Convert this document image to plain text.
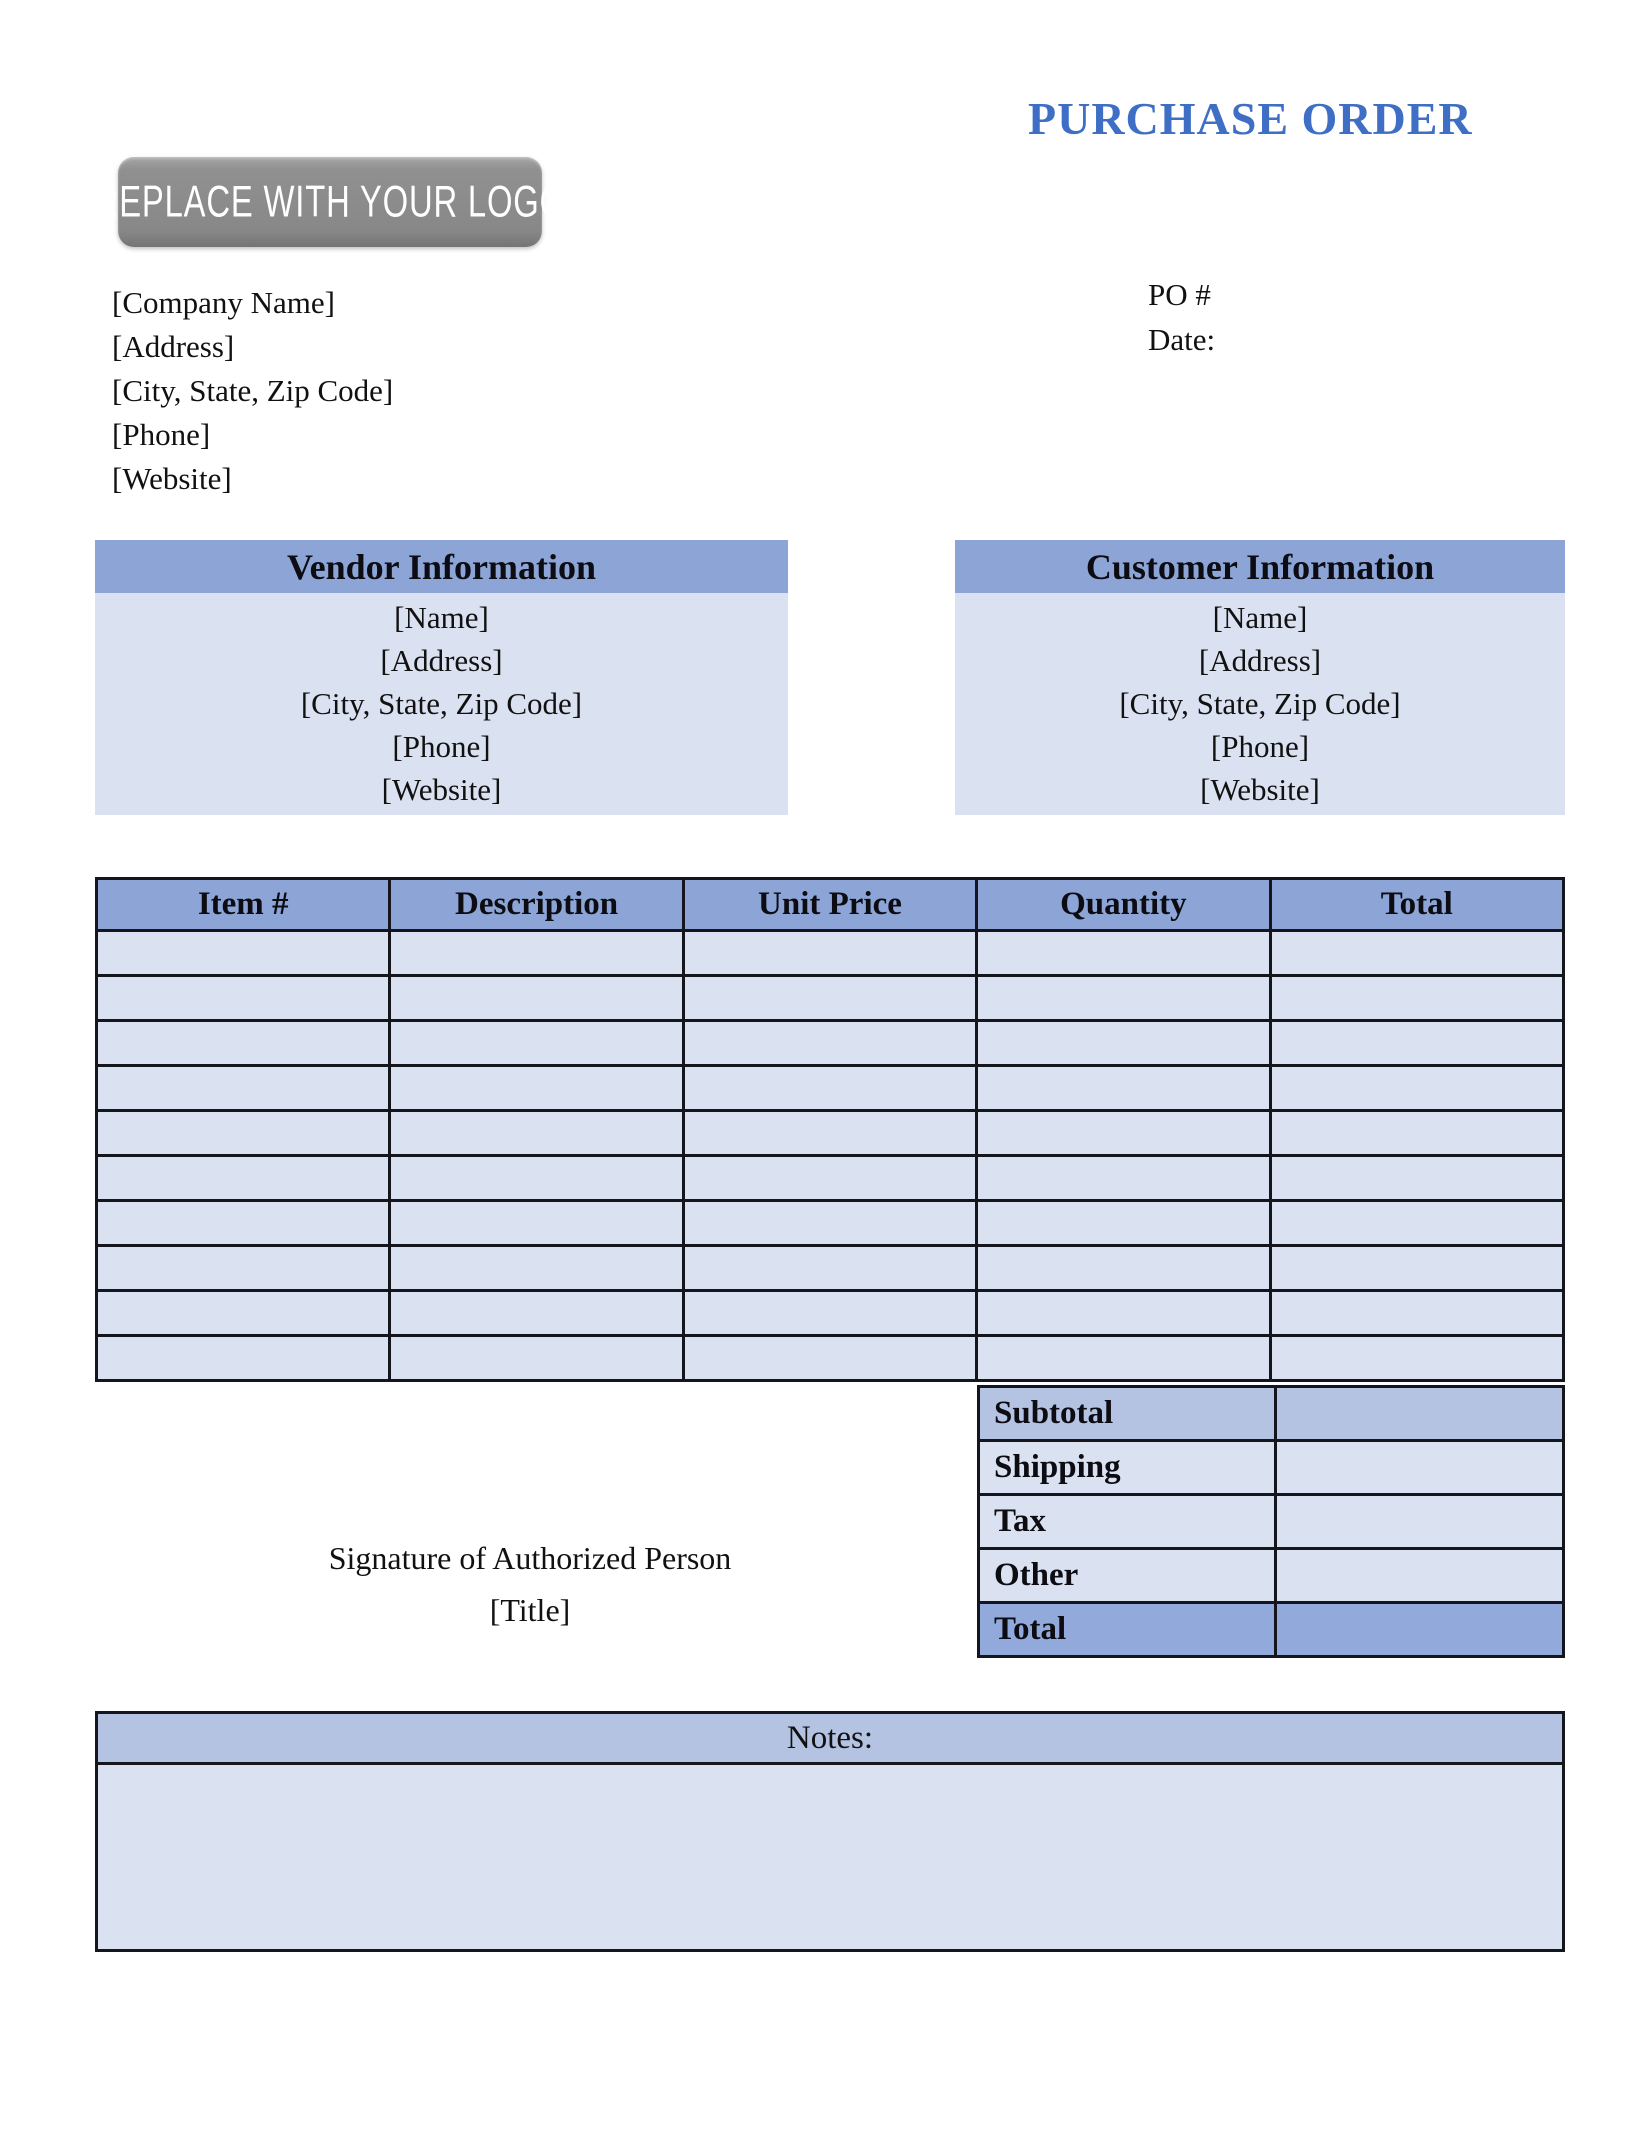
PURCHASE ORDER
REPLACE WITH YOUR LOGO
[Company Name]
[Address]
[City, State, Zip Code]
[Phone]
[Website]
PO #
Date:
Vendor Information
[Name]
[Address]
[City, State, Zip Code]
[Phone]
[Website]
Customer Information
[Name]
[Address]
[City, State, Zip Code]
[Phone]
[Website]
Item #	Description	Unit Price	Quantity	Total

Subtotal	
Shipping	
Tax	
Other	
Total	
Signature of Authorized Person
[Title]
Notes:
